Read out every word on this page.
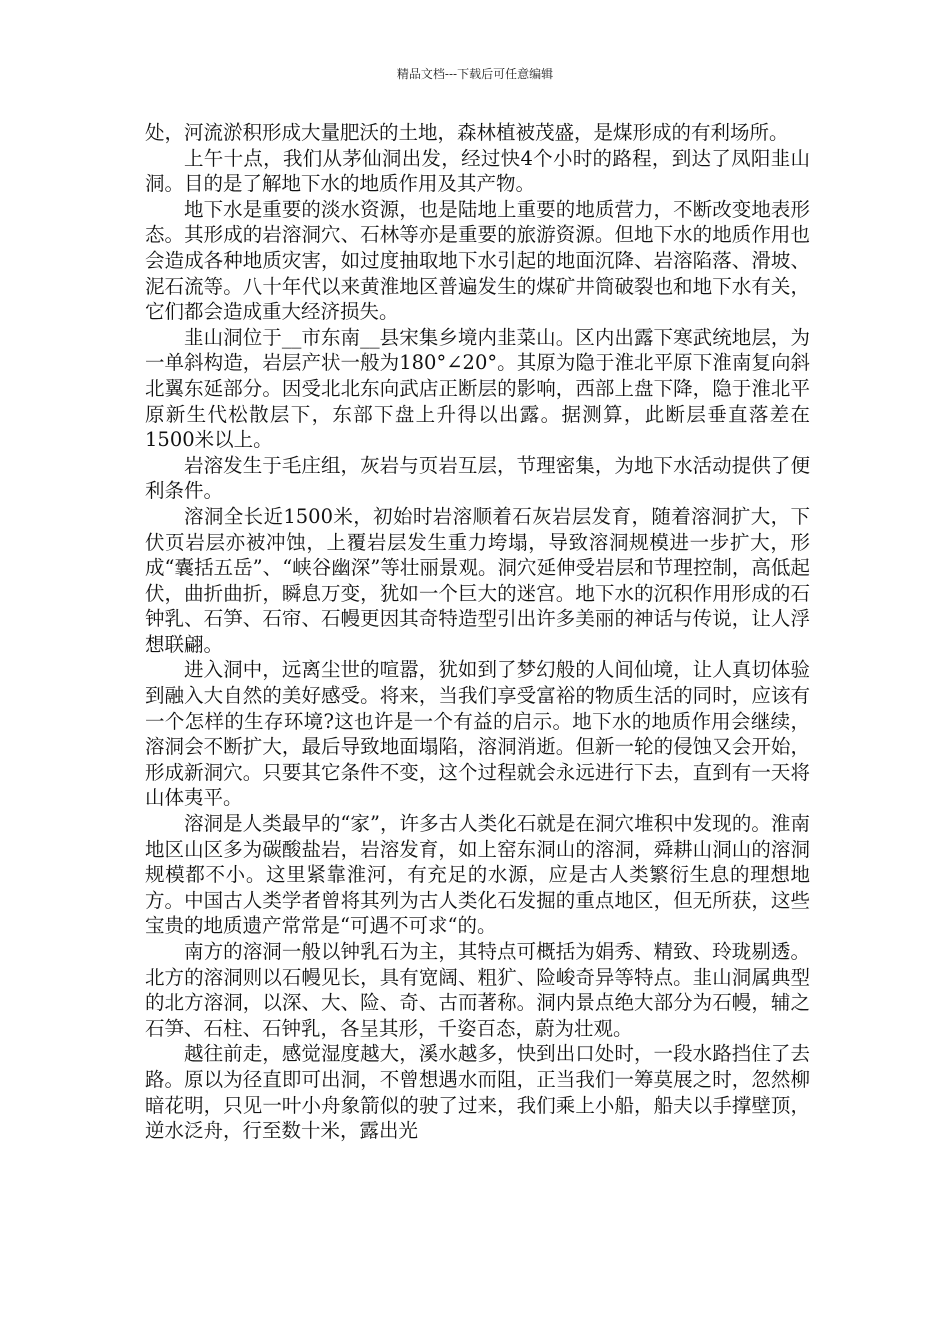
精品文档---下载后可任意编辑

处，河流淤积形成大量肥沃的土地，森林植被茂盛，是煤形成的有利场所。

上午十点，我们从茅仙洞出发，经过快4个小时的路程，到达了凤阳韭山洞。目的是了解地下水的地质作用及其产物。

地下水是重要的淡水资源，也是陆地上重要的地质营力，不断改变地表形态。其形成的岩溶洞穴、石林等亦是重要的旅游资源。但地下水的地质作用也会造成各种地质灾害，如过度抽取地下水引起的地面沉降、岩溶陷落、滑坡、泥石流等。八十年代以来黄淮地区普遍发生的煤矿井筒破裂也和地下水有关，它们都会造成重大经济损失。

韭山洞位于__市东南__县宋集乡境内韭菜山。区内出露下寒武统地层，为一单斜构造，岩层产状一般为180°∠20°。其原为隐于淮北平原下淮南复向斜北翼东延部分。因受北北东向武店正断层的影响，西部上盘下降，隐于淮北平原新生代松散层下，东部下盘上升得以出露。据测算，此断层垂直落差在1500米以上。

岩溶发生于毛庄组，灰岩与页岩互层，节理密集，为地下水活动提供了便利条件。

溶洞全长近1500米，初始时岩溶顺着石灰岩层发育，随着溶洞扩大，下伏页岩层亦被冲蚀，上覆岩层发生重力垮塌，导致溶洞规模进一步扩大，形成“囊括五岳”、“峡谷幽深”等壮丽景观。洞穴延伸受岩层和节理控制，高低起伏，曲折曲折，瞬息万变，犹如一个巨大的迷宫。地下水的沉积作用形成的石钟乳、石笋、石帘、石幔更因其奇特造型引出许多美丽的神话与传说，让人浮想联翩。

进入洞中，远离尘世的喧嚣，犹如到了梦幻般的人间仙境，让人真切体验到融入大自然的美好感受。将来，当我们享受富裕的物质生活的同时，应该有一个怎样的生存环境?这也许是一个有益的启示。地下水的地质作用会继续，溶洞会不断扩大，最后导致地面塌陷，溶洞消逝。但新一轮的侵蚀又会开始，形成新洞穴。只要其它条件不变，这个过程就会永远进行下去，直到有一天将山体夷平。

溶洞是人类最早的“家”，许多古人类化石就是在洞穴堆积中发现的。淮南地区山区多为碳酸盐岩，岩溶发育，如上窑东洞山的溶洞，舜耕山洞山的溶洞规模都不小。这里紧靠淮河，有充足的水源，应是古人类繁衍生息的理想地方。中国古人类学者曾将其列为古人类化石发掘的重点地区，但无所获，这些宝贵的地质遗产常常是“可遇不可求“的。

南方的溶洞一般以钟乳石为主，其特点可概括为娟秀、精致、玲珑剔透。北方的溶洞则以石幔见长，具有宽阔、粗犷、险峻奇异等特点。韭山洞属典型的北方溶洞，以深、大、险、奇、古而著称。洞内景点绝大部分为石幔，辅之石笋、石柱、石钟乳，各呈其形，千姿百态，蔚为壮观。

越往前走，感觉湿度越大，溪水越多，快到出口处时，一段水路挡住了去路。原以为径直即可出洞，不曾想遇水而阻，正当我们一筹莫展之时，忽然柳暗花明，只见一叶小舟象箭似的驶了过来，我们乘上小船，船夫以手撑壁顶，逆水泛舟，行至数十米，露出光
